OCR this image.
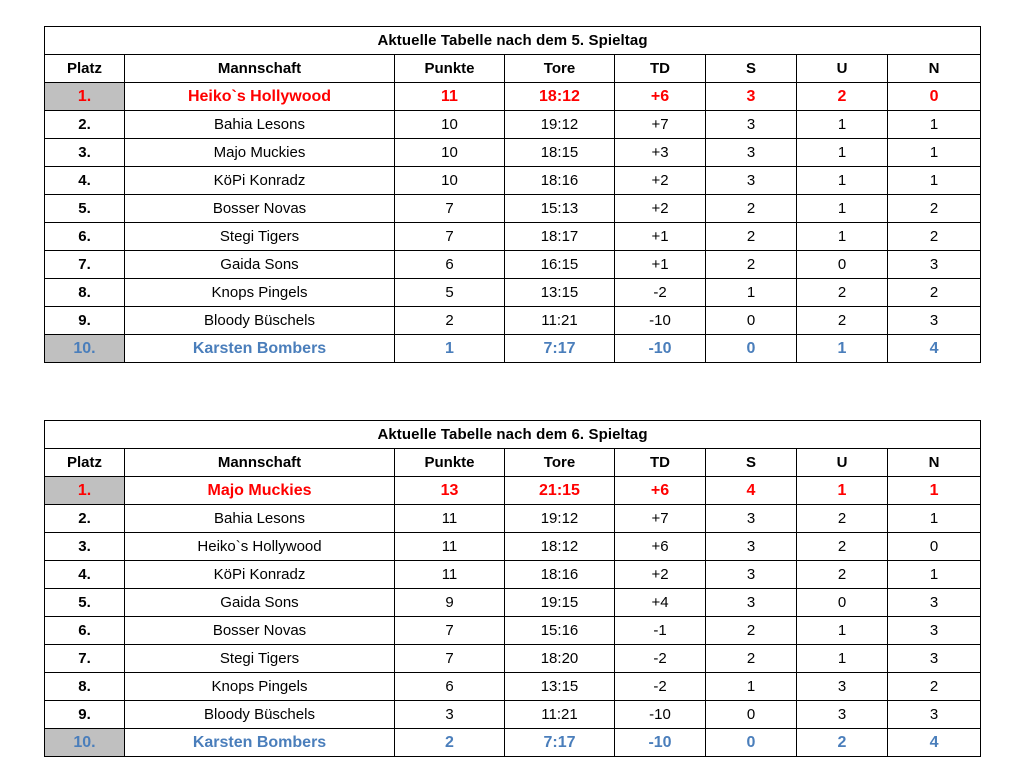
Aktuelle Tabelle nach dem 5. Spieltag							
Platz	Mannschaft	Punkte	Tore	TD	S	U	N
1.	Heiko`s Hollywood	11	18:12	+6	3	2	0
2.	Bahia Lesons	10	19:12	+7	3	1	1
3.	Majo Muckies	10	18:15	+3	3	1	1
4.	KöPi Konradz	10	18:16	+2	3	1	1
5.	Bosser Novas	7	15:13	+2	2	1	2
6.	Stegi Tigers	7	18:17	+1	2	1	2
7.	Gaida Sons	6	16:15	+1	2	0	3
8.	Knops Pingels	5	13:15	-2	1	2	2
9.	Bloody Büschels	2	11:21	-10	0	2	3
10.	Karsten Bombers	1	7:17	-10	0	1	4
Aktuelle Tabelle nach dem 6. Spieltag							
Platz	Mannschaft	Punkte	Tore	TD	S	U	N
1.	Majo Muckies	13	21:15	+6	4	1	1
2.	Bahia Lesons	11	19:12	+7	3	2	1
3.	Heiko`s Hollywood	11	18:12	+6	3	2	0
4.	KöPi Konradz	11	18:16	+2	3	2	1
5.	Gaida Sons	9	19:15	+4	3	0	3
6.	Bosser Novas	7	15:16	-1	2	1	3
7.	Stegi Tigers	7	18:20	-2	2	1	3
8.	Knops Pingels	6	13:15	-2	1	3	2
9.	Bloody Büschels	3	11:21	-10	0	3	3
10.	Karsten Bombers	2	7:17	-10	0	2	4
